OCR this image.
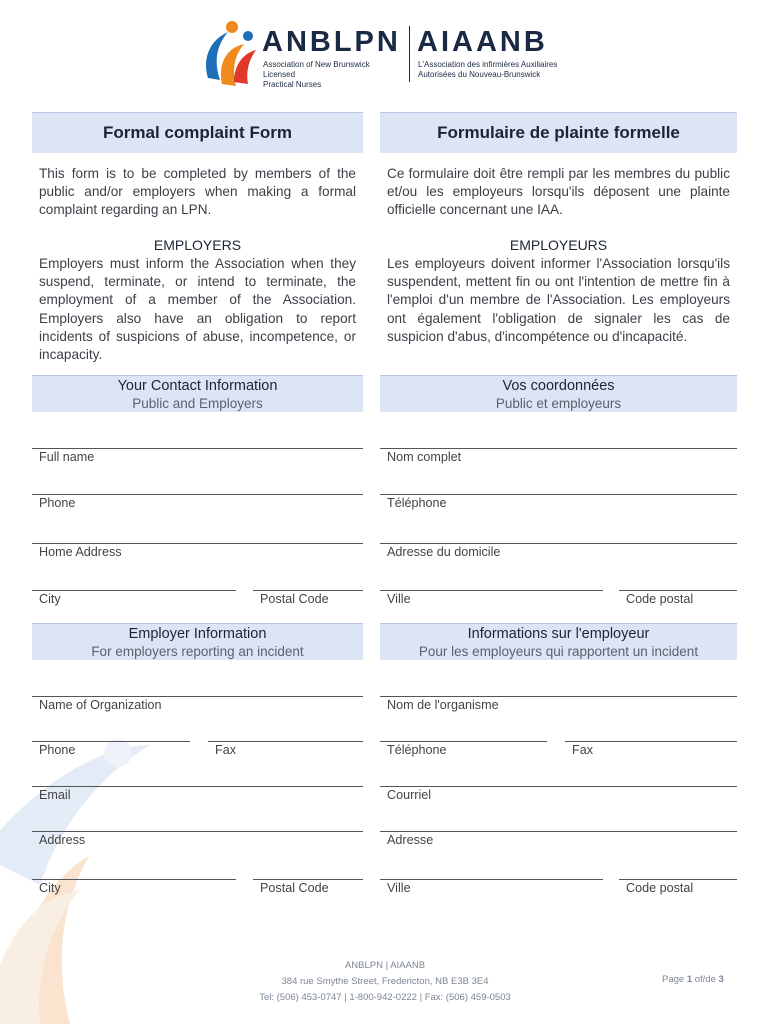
ANBLPN AIAANB
Association of New Brunswick Licensed
Practical Nurses
L'Association des infirmières Auxiliaires
Autorisées du Nouveau-Brunswick
Formal complaint Form	Formulaire de plainte formelle
This form is to be completed by members of the public and/or employers when making a formal complaint regarding an LPN.
Ce formulaire doit être rempli par les membres du public et/ou les employeurs lorsqu'ils déposent une plainte officielle concernant une IAA.
EMPLOYERS	EMPLOYEURS
Employers must inform the Association when they suspend, terminate, or intend to terminate, the employment of a member of the Association. Employers also have an obligation to report incidents of suspicions of abuse, incompetence, or incapacity.
Les employeurs doivent informer l'Association lorsqu'ils suspendent, mettent fin ou ont l'intention de mettre fin à l'emploi d'un membre de l'Association. Les employeurs ont également l'obligation de signaler les cas de suspicion d'abus, d'incompétence ou d'incapacité.
Your Contact Information
Public and Employers
Vos coordonnées
Public et employeurs
Full name	Nom complet
Phone	Téléphone
Home Address	Adresse du domicile
City	Postal Code	Ville	Code postal
Employer Information
For employers reporting an incident
Informations sur l'employeur
Pour les employeurs qui rapportent un incident
Name of Organization	Nom de l'organisme
Phone	Fax	Téléphone	Fax
Email	Courriel
Address	Adresse
City	Postal Code	Ville	Code postal
ANBLPN | AIAANB
384 rue Smythe Street, Fredericton, NB E3B 3E4
Tel: (506) 453-0747 | 1-800-942-0222 | Fax: (506) 459-0503
Page 1 of/de 3
